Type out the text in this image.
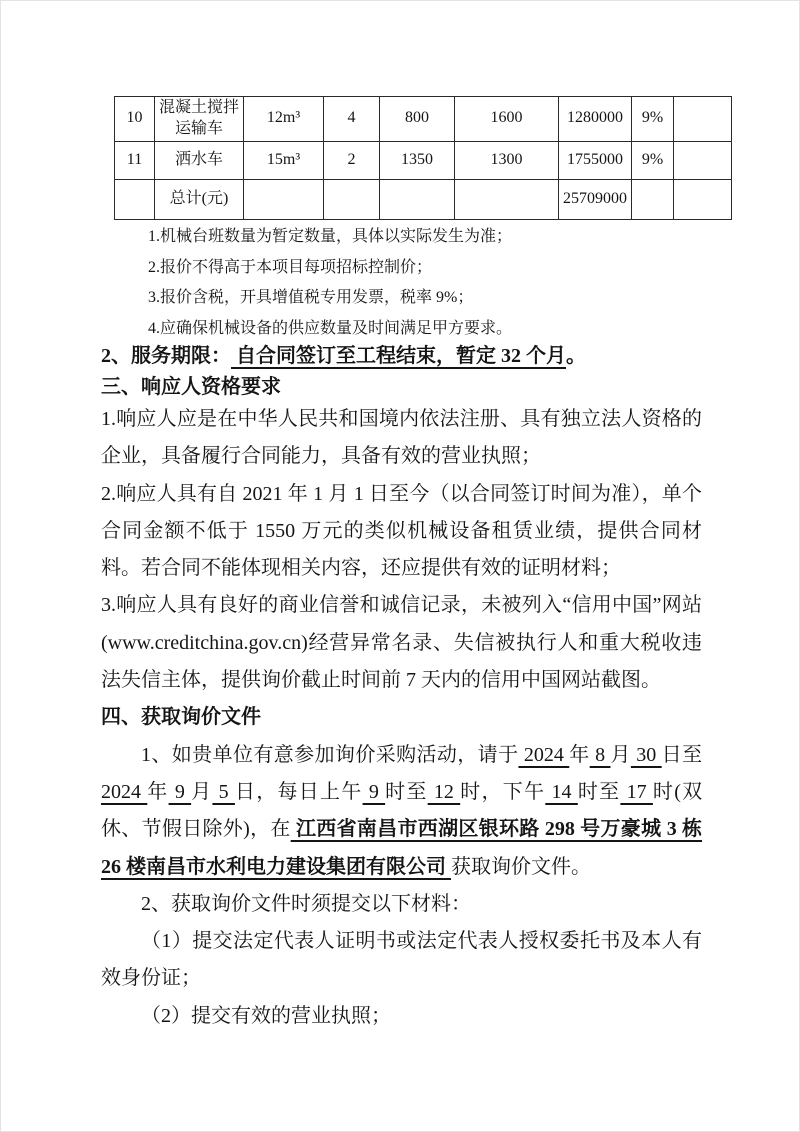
10	混凝土搅拌运输车	12m³	4	800	1600	1280000	9%	
11	洒水车	15m³	2	1350	1300	1755000	9%	
	总计(元)					25709000		
1.机械台班数量为暂定数量，具体以实际发生为准；
2.报价不得高于本项目每项招标控制价；
3.报价含税，开具增值税专用发票，税率 9%；
4.应确保机械设备的供应数量及时间满足甲方要求。
2、服务期限： 自合同签订至工程结束，暂定 32 个月。
三、响应人资格要求

1.响应人应是在中华人民共和国境内依法注册、具有独立法人资格的企业，具备履行合同能力，具备有效的营业执照；

2.响应人具有自 2021 年 1 月 1 日至今（以合同签订时间为准），单个合同金额不低于 1550 万元的类似机械设备租赁业绩，提供合同材料。若合同不能体现相关内容，还应提供有效的证明材料；

3.响应人具有良好的商业信誉和诚信记录，未被列入“信用中国”网站(www.creditchina.gov.cn)经营异常名录、失信被执行人和重大税收违法失信主体，提供询价截止时间前 7 天内的信用中国网站截图。

四、获取询价文件

1、如贵单位有意参加询价采购活动，请于 2024 年 8 月 30 日至 2024 年 9 月 5 日，每日上午 9 时至 12 时，下午 14 时至 17 时(双休、节假日除外)，在 江西省南昌市西湖区银环路 298 号万豪城 3 栋 26 楼南昌市水利电力建设集团有限公司 获取询价文件。

2、获取询价文件时须提交以下材料：

（1）提交法定代表人证明书或法定代表人授权委托书及本人有效身份证；

（2）提交有效的营业执照；
